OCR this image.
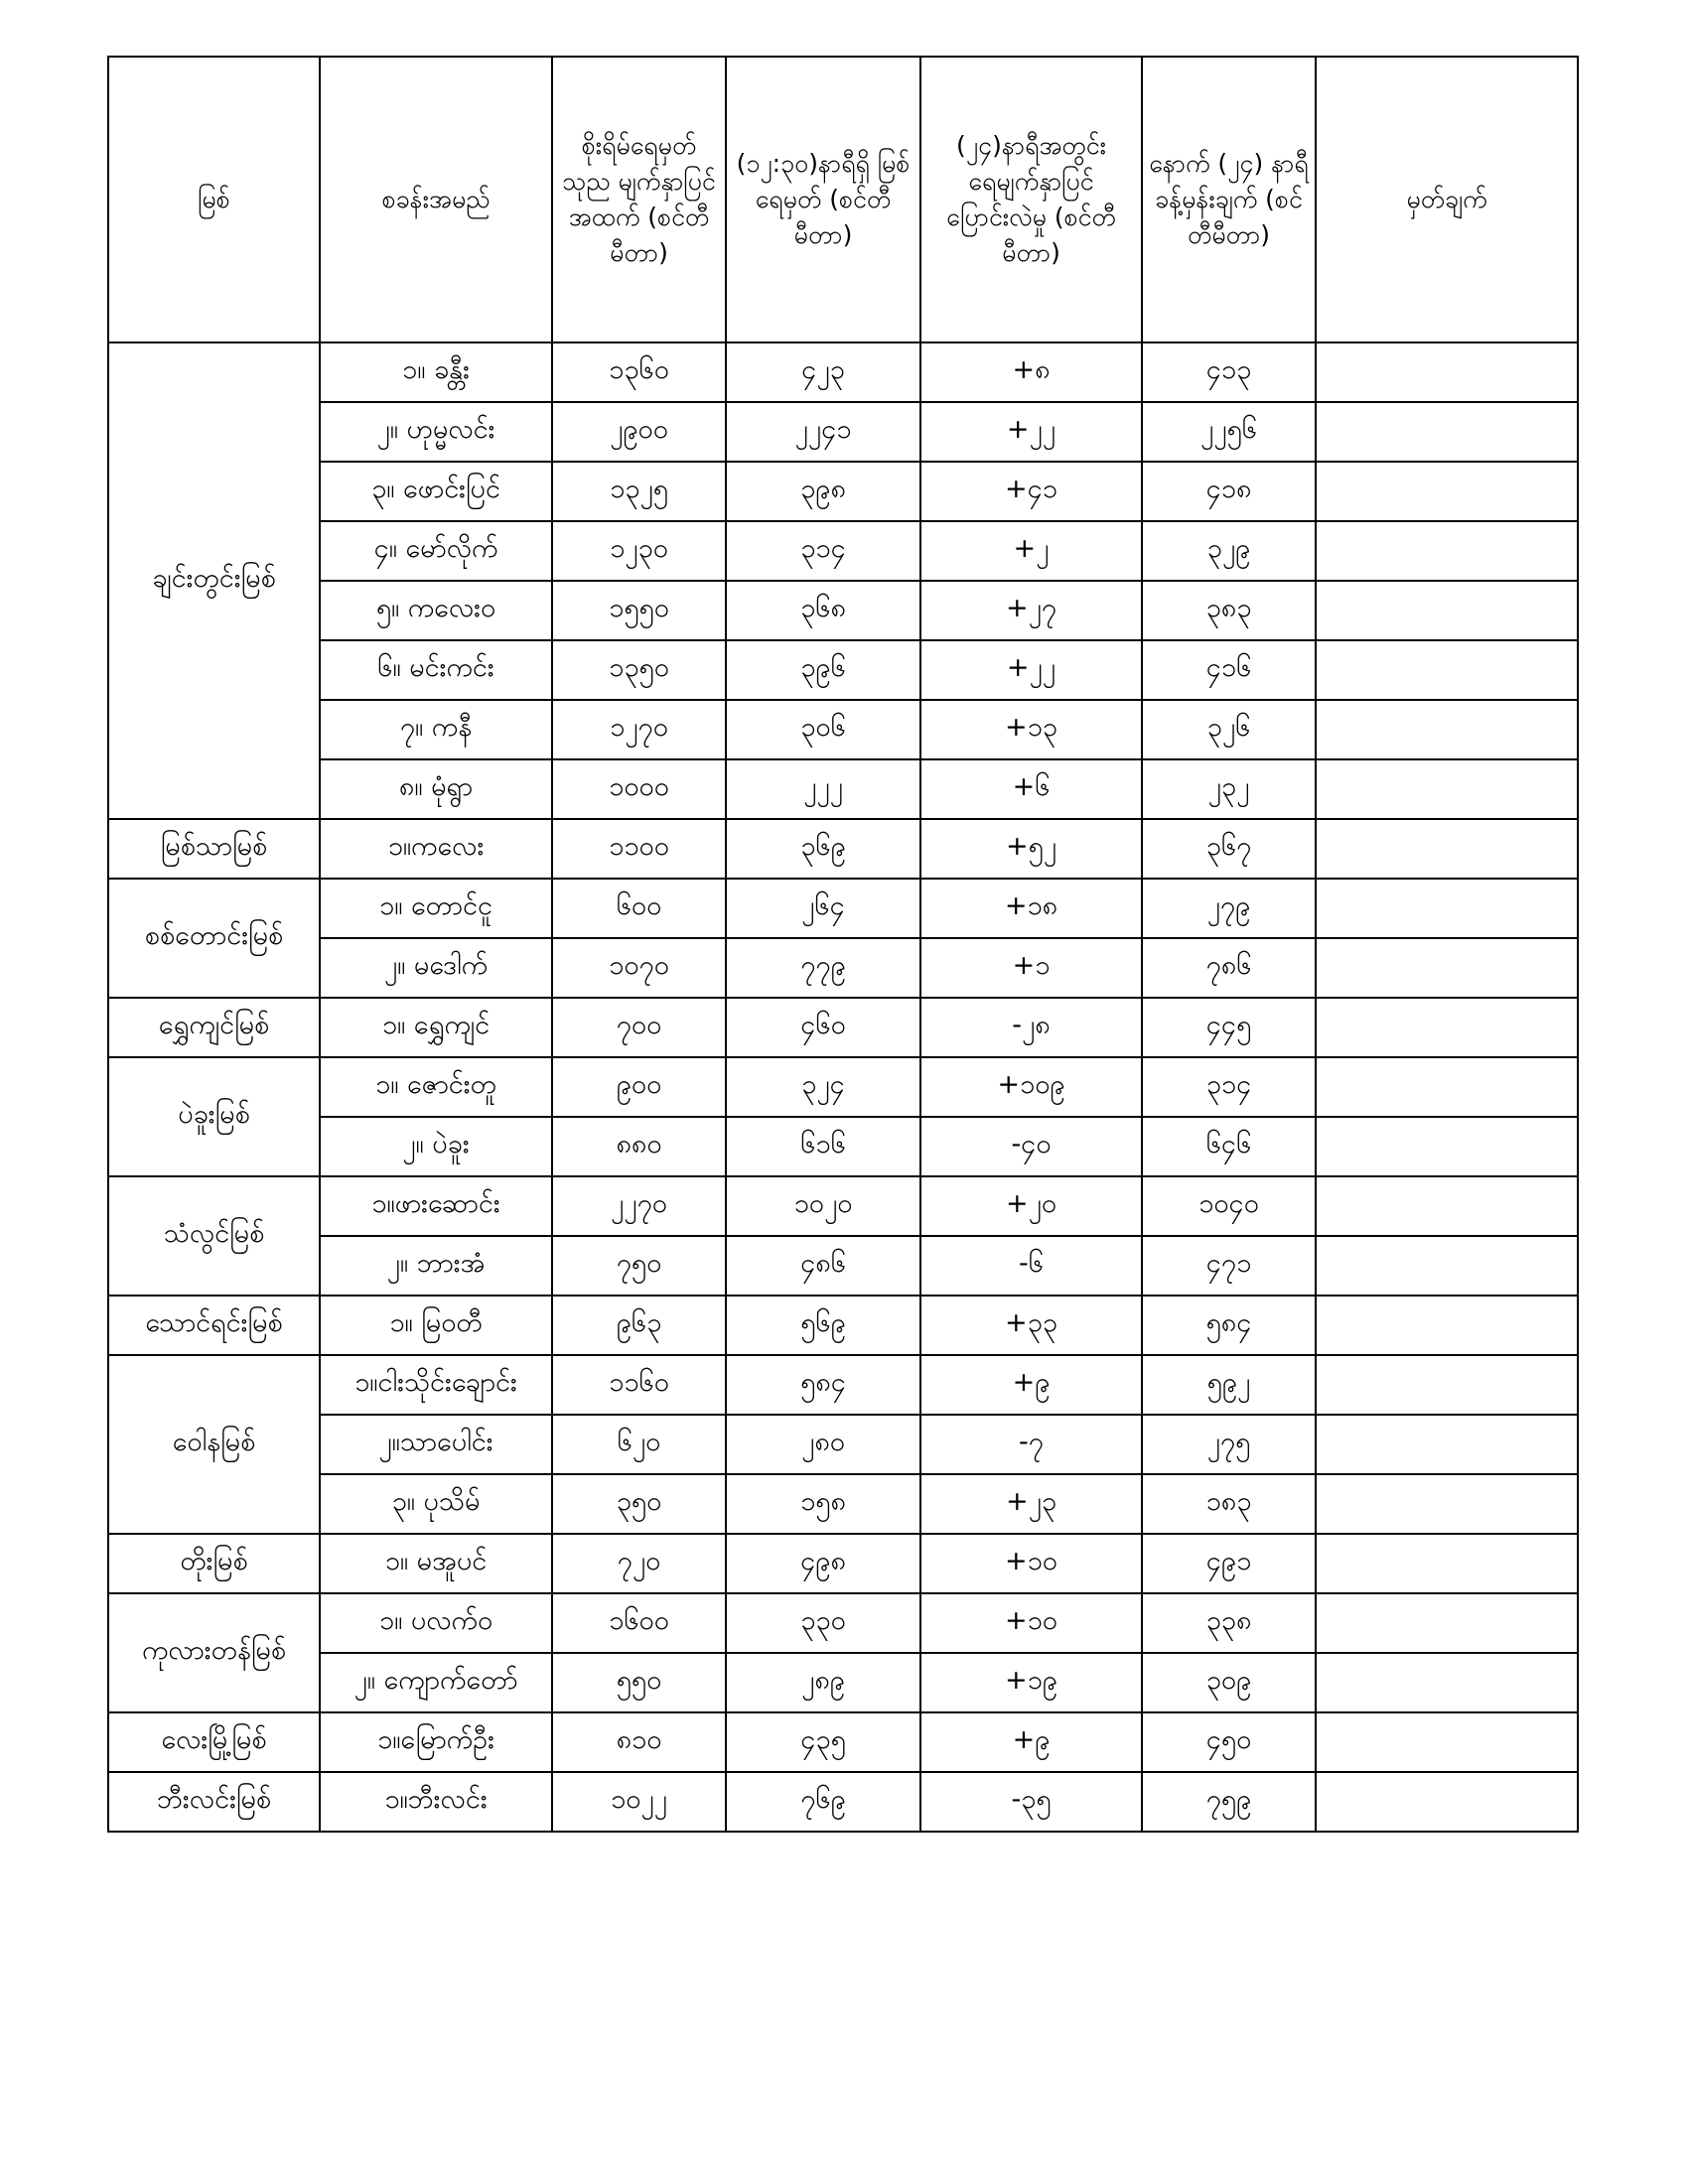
မြစ်	စခန်းအမည်	စိုးရိမ်ရေမှတ် သုည မျက်နှာပြင် အထက် (စင်တီမီတာ)	(၁၂:၃၀)နာရီရှိ မြစ်ရေမှတ် (စင်တီမီတာ)	(၂၄)နာရီအတွင်း ရေမျက်နှာပြင် ပြောင်းလဲမှု (စင်တီမီတာ)	နောက် (၂၄) နာရီ ခန့်မှန်းချက် (စင်တီမီတာ)	မှတ်ချက်
ချင်းတွင်းမြစ်	၁။ ခန္တီး	၁၃၆၀	၄၂၃	+၈	၄၁၃	
	၂။ ဟုမ္မလင်း	၂၉၀၀	၂၂၄၁	+၂၂	၂၂၅၆	
	၃။ ဖောင်းပြင်	၁၃၂၅	၃၉၈	+၄၁	၄၁၈	
	၄။ မော်လိုက်	၁၂၃၀	၃၁၄	+၂	၃၂၉	
	၅။ ကလေးဝ	၁၅၅၀	၃၆၈	+၂၇	၃၈၃	
	၆။ မင်းကင်း	၁၃၅၀	၃၉၆	+၂၂	၄၁၆	
	၇။ ကနီ	၁၂၇၀	၃၀၆	+၁၃	၃၂၆	
	၈။ မုံရွာ	၁၀၀၀	၂၂၂	+၆	၂၃၂	
မြစ်သာမြစ်	၁။ကလေး	၁၁၀၀	၃၆၉	+၅၂	၃၆၇	
စစ်တောင်းမြစ်	၁။ တောင်ငူ	၆၀၀	၂၆၄	+၁၈	၂၇၉	
	၂။ မဒေါက်	၁၀၇၀	၇၇၉	+၁	၇၈၆	
ရွှေကျင်မြစ်	၁။ ရွှေကျင်	၇၀၀	၄၆၀	-၂၈	၄၄၅	
ပဲခူးမြစ်	၁။ ဇောင်းတူ	၉၀၀	၃၂၄	+၁၀၉	၃၁၄	
	၂။ ပဲခူး	၈၈၀	၆၁၆	-၄၀	၆၄၆	
သံလွင်မြစ်	၁။ဖားဆောင်း	၂၂၇၀	၁၀၂၀	+၂၀	၁၀၄၀	
	၂။ ဘားအံ	၇၅၀	၄၈၆	-၆	၄၇၁	
သောင်ရင်းမြစ်	၁။ မြဝတီ	၉၆၃	၅၆၉	+၃၃	၅၈၄	
ဝေါနမြစ်	၁။ငါးသိုင်းချောင်း	၁၁၆၀	၅၈၄	+၉	၅၉၂	
	၂။သာပေါင်း	၆၂၀	၂၈၀	-၇	၂၇၅	
	၃။ ပုသိမ်	၃၅၀	၁၅၈	+၂၃	၁၈၃	
တိုးမြစ်	၁။ မအူပင်	၇၂၀	၄၉၈	+၁၀	၄၉၁	
ကုလားတန်မြစ်	၁။ ပလက်ဝ	၁၆၀၀	၃၃၀	+၁၀	၃၃၈	
	၂။ ကျောက်တော်	၅၅၀	၂၈၉	+၁၉	၃၀၉	
လေးမြို့မြစ်	၁။မြောက်ဦး	၈၁၀	၄၃၅	+၉	၄၅၀	
ဘီးလင်းမြစ်	၁။ဘီးလင်း	၁၀၂၂	၇၆၉	-၃၅	၇၅၉	
